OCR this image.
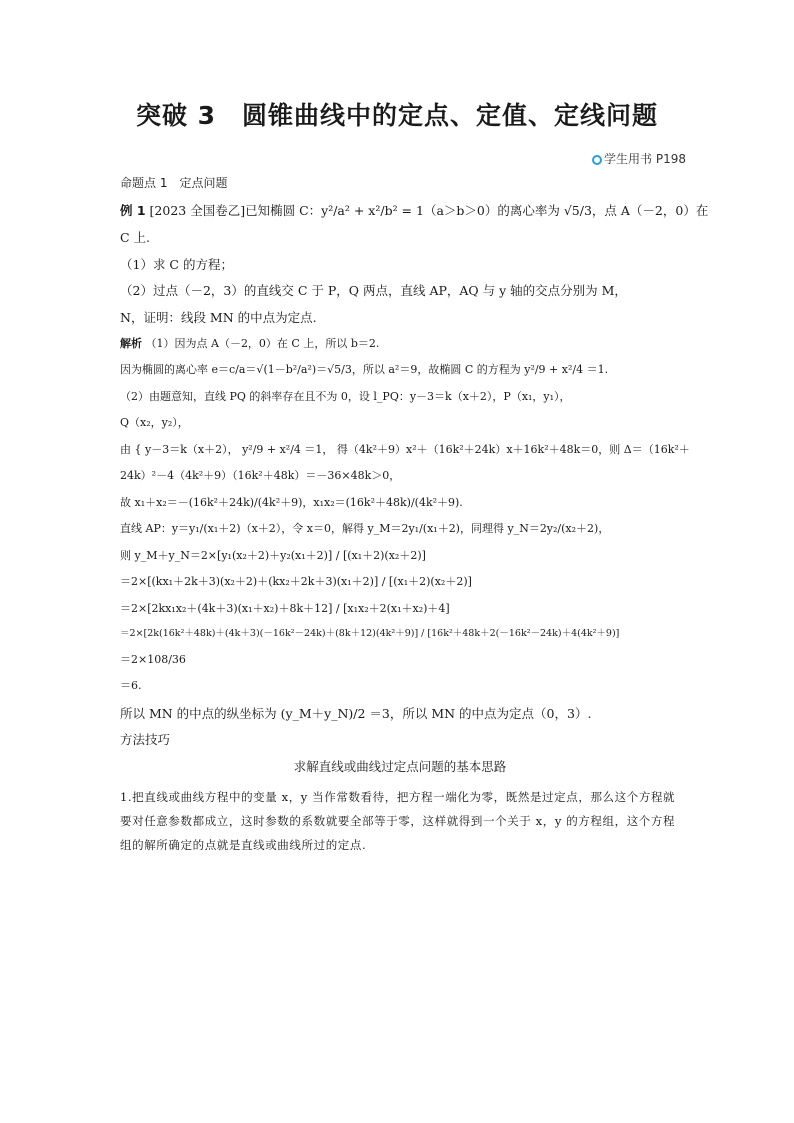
突破 3　圆锥曲线中的定点、定值、定线问题
学生用书 P198
命题点 1　定点问题
例 1 [2023 全国卷乙]已知椭圆 C：y²/a² + x²/b² = 1（a＞b＞0）的离心率为 √5/3，点 A（－2，0）在
C 上.
（1）求 C 的方程；
（2）过点（－2，3）的直线交 C 于 P，Q 两点，直线 AP，AQ 与 y 轴的交点分别为 M，
N，证明：线段 MN 的中点为定点.
解析 （1）因为点 A（－2，0）在 C 上，所以 b＝2.
因为椭圆的离心率 e＝c/a＝√(1－b²/a²)＝√5/3，所以 a²＝9，故椭圆 C 的方程为 y²/9 + x²/4 ＝1.
（2）由题意知，直线 PQ 的斜率存在且不为 0，设 l_PQ：y－3＝k（x＋2），P（x₁，y₁），
Q（x₂，y₂），
由 { y－3＝k（x＋2）， y²/9 + x²/4 ＝1， 得（4k²＋9）x²＋（16k²＋24k）x＋16k²＋48k＝0，则 Δ＝（16k²＋
24k）²－4（4k²＋9）（16k²＋48k）＝－36×48k＞0，
故 x₁＋x₂＝－(16k²＋24k)/(4k²＋9)，x₁x₂＝(16k²＋48k)/(4k²＋9).
直线 AP：y＝y₁/(x₁＋2)（x＋2），令 x＝0，解得 y_M＝2y₁/(x₁＋2)，同理得 y_N＝2y₂/(x₂＋2)，
则 y_M＋y_N＝2×[y₁(x₂＋2)＋y₂(x₁＋2)] / [(x₁＋2)(x₂＋2)]
＝2×[(kx₁＋2k＋3)(x₂＋2)＋(kx₂＋2k＋3)(x₁＋2)] / [(x₁＋2)(x₂＋2)]
＝2×[2kx₁x₂＋(4k＋3)(x₁＋x₂)＋8k＋12] / [x₁x₂＋2(x₁＋x₂)＋4]
＝2×[2k(16k²＋48k)＋(4k＋3)(－16k²－24k)＋(8k＋12)(4k²＋9)] / [16k²＋48k＋2(－16k²－24k)＋4(4k²＋9)]
＝2×108/36
＝6.
所以 MN 的中点的纵坐标为 (y_M＋y_N)/2 ＝3，所以 MN 的中点为定点（0，3）.
方法技巧
求解直线或曲线过定点问题的基本思路
1.把直线或曲线方程中的变量 x，y 当作常数看待，把方程一端化为零，既然是过定点，那么这个方程就要对任意参数都成立，这时参数的系数就要全部等于零，这样就得到一个关于 x，y 的方程组，这个方程组的解所确定的点就是直线或曲线所过的定点.
